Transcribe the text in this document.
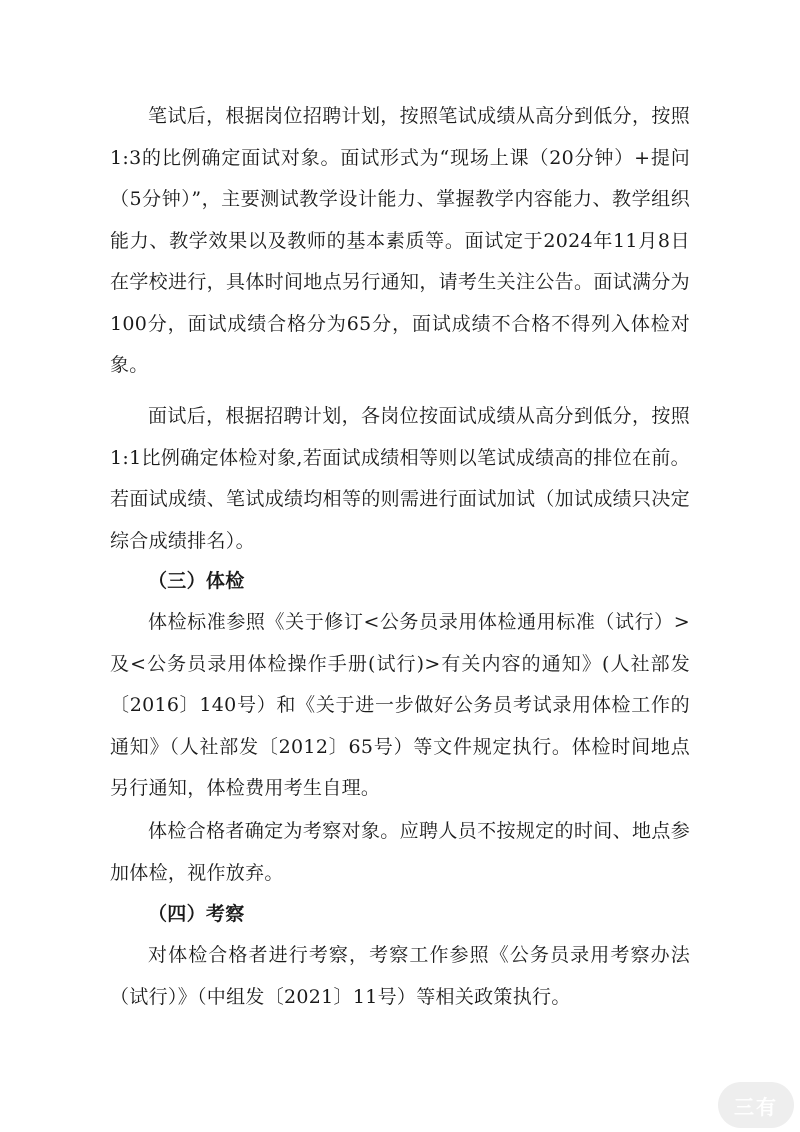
笔试后，根据岗位招聘计划，按照笔试成绩从高分到低分，按照1:3的比例确定面试对象。面试形式为“现场上课（20分钟）+提问（5分钟）”，主要测试教学设计能力、掌握教学内容能力、教学组织能力、教学效果以及教师的基本素质等。面试定于2024年11月8日在学校进行，具体时间地点另行通知，请考生关注公告。面试满分为100分，面试成绩合格分为65分，面试成绩不合格不得列入体检对象。

面试后，根据招聘计划，各岗位按面试成绩从高分到低分，按照1:1比例确定体检对象,若面试成绩相等则以笔试成绩高的排位在前。若面试成绩、笔试成绩均相等的则需进行面试加试（加试成绩只决定综合成绩排名）。

（三）体检

体检标准参照《关于修订<公务员录用体检通用标准（试行）>及<公务员录用体检操作手册(试行)>有关内容的通知》(人社部发〔2016〕140号）和《关于进一步做好公务员考试录用体检工作的通知》（人社部发〔2012〕65号）等文件规定执行。体检时间地点另行通知，体检费用考生自理。

体检合格者确定为考察对象。应聘人员不按规定的时间、地点参加体检，视作放弃。

（四）考察

对体检合格者进行考察，考察工作参照《公务员录用考察办法（试行）》（中组发〔2021〕11号）等相关政策执行。

三有
